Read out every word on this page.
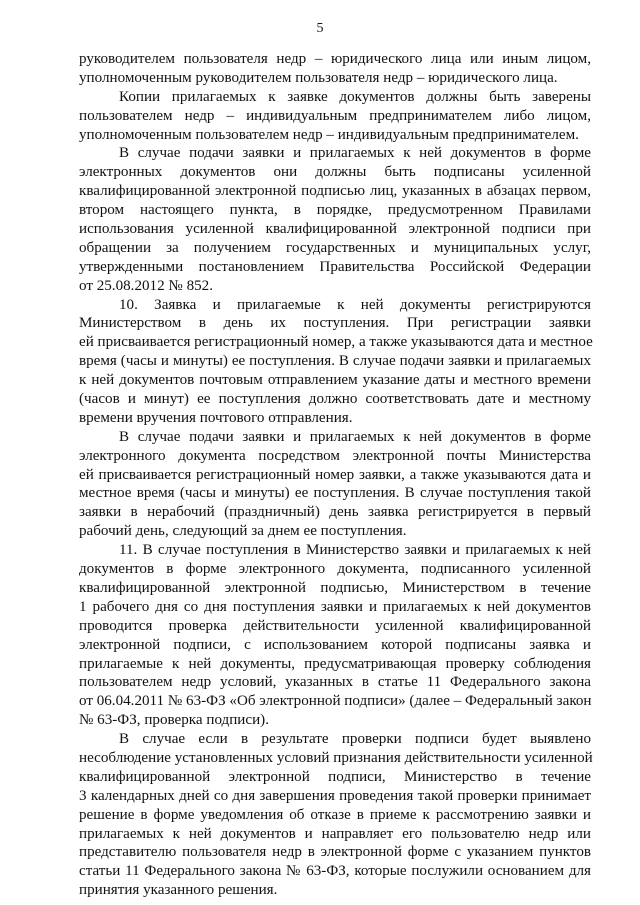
5
руководителем пользователя недр – юридического лица или иным лицом,
уполномоченным руководителем пользователя недр – юридического лица.
Копии прилагаемых к заявке документов должны быть заверены
пользователем недр – индивидуальным предпринимателем либо лицом,
уполномоченным пользователем недр – индивидуальным предпринимателем.
В случае подачи заявки и прилагаемых к ней документов в форме
электронных документов они должны быть подписаны усиленной
квалифицированной электронной подписью лиц, указанных в абзацах первом,
втором настоящего пункта, в порядке, предусмотренном Правилами
использования усиленной квалифицированной электронной подписи при
обращении за получением государственных и муниципальных услуг,
утвержденными постановлением Правительства Российской Федерации
от 25.08.2012 № 852.
10. Заявка и прилагаемые к ней документы регистрируются
Министерством в день их поступления. При регистрации заявки
ей присваивается регистрационный номер, а также указываются дата и местное
время (часы и минуты) ее поступления. В случае подачи заявки и прилагаемых
к ней документов почтовым отправлением указание даты и местного времени
(часов и минут) ее поступления должно соответствовать дате и местному
времени вручения почтового отправления.
В случае подачи заявки и прилагаемых к ней документов в форме
электронного документа посредством электронной почты Министерства
ей присваивается регистрационный номер заявки, а также указываются дата и
местное время (часы и минуты) ее поступления. В случае поступления такой
заявки в нерабочий (праздничный) день заявка регистрируется в первый
рабочий день, следующий за днем ее поступления.
11. В случае поступления в Министерство заявки и прилагаемых к ней
документов в форме электронного документа, подписанного усиленной
квалифицированной электронной подписью, Министерством в течение
1 рабочего дня со дня поступления заявки и прилагаемых к ней документов
проводится проверка действительности усиленной квалифицированной
электронной подписи, с использованием которой подписаны заявка и
прилагаемые к ней документы, предусматривающая проверку соблюдения
пользователем недр условий, указанных в статье 11 Федерального закона
от 06.04.2011 № 63-ФЗ «Об электронной подписи» (далее – Федеральный закон
№ 63-ФЗ, проверка подписи).
В случае если в результате проверки подписи будет выявлено
несоблюдение установленных условий признания действительности усиленной
квалифицированной электронной подписи, Министерство в течение
3 календарных дней со дня завершения проведения такой проверки принимает
решение в форме уведомления об отказе в приеме к рассмотрению заявки и
прилагаемых к ней документов и направляет его пользователю недр или
представителю пользователя недр в электронной форме с указанием пунктов
статьи 11 Федерального закона № 63-ФЗ, которые послужили основанием для
принятия указанного решения.
